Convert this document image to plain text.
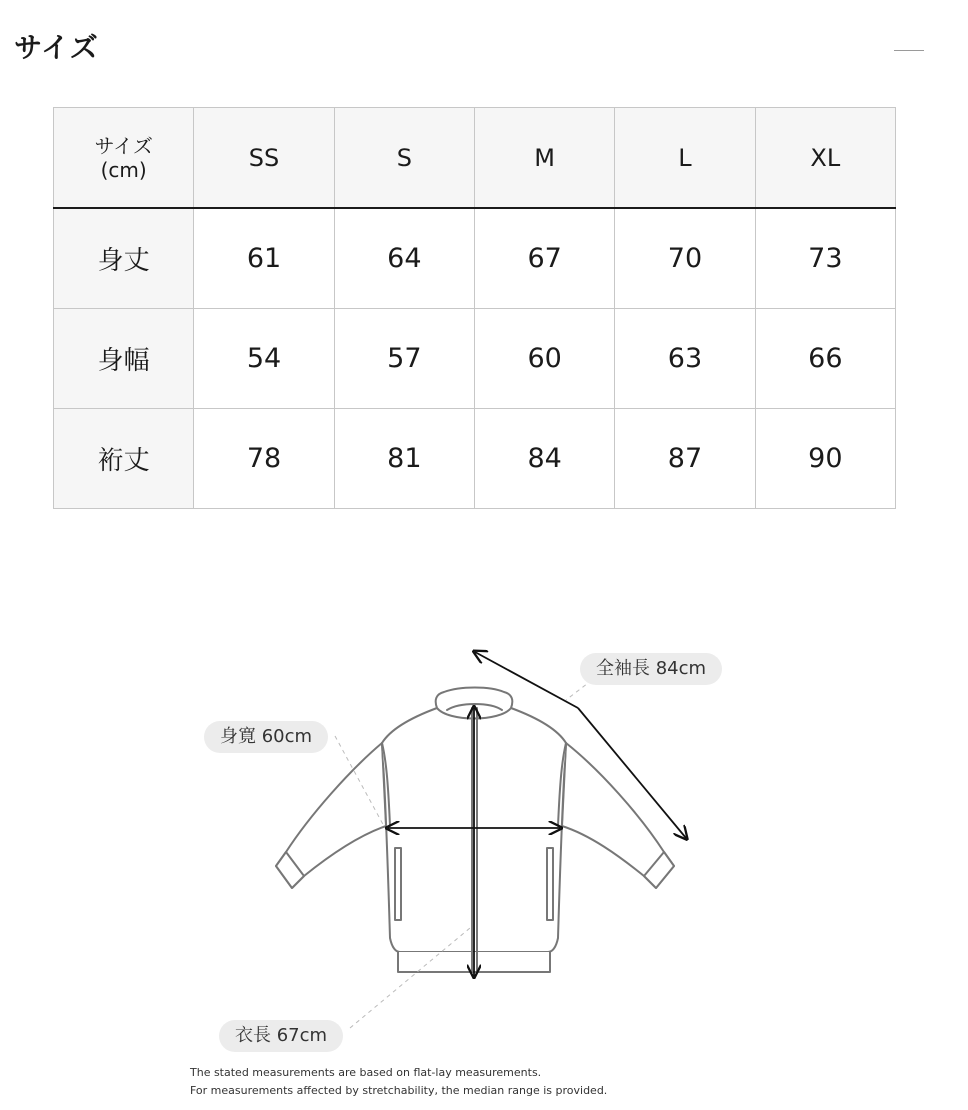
サイズ
サイズ
(cm)	SS	S	M	L	XL
身丈	61	64	67	70	73
身幅	54	57	60	63	66
裄丈	78	81	84	87	90
全袖長 84cm
身寛 60cm
衣長 67cm

The stated measurements are based on flat-lay measurements.

For measurements affected by stretchability, the median range is provided.
